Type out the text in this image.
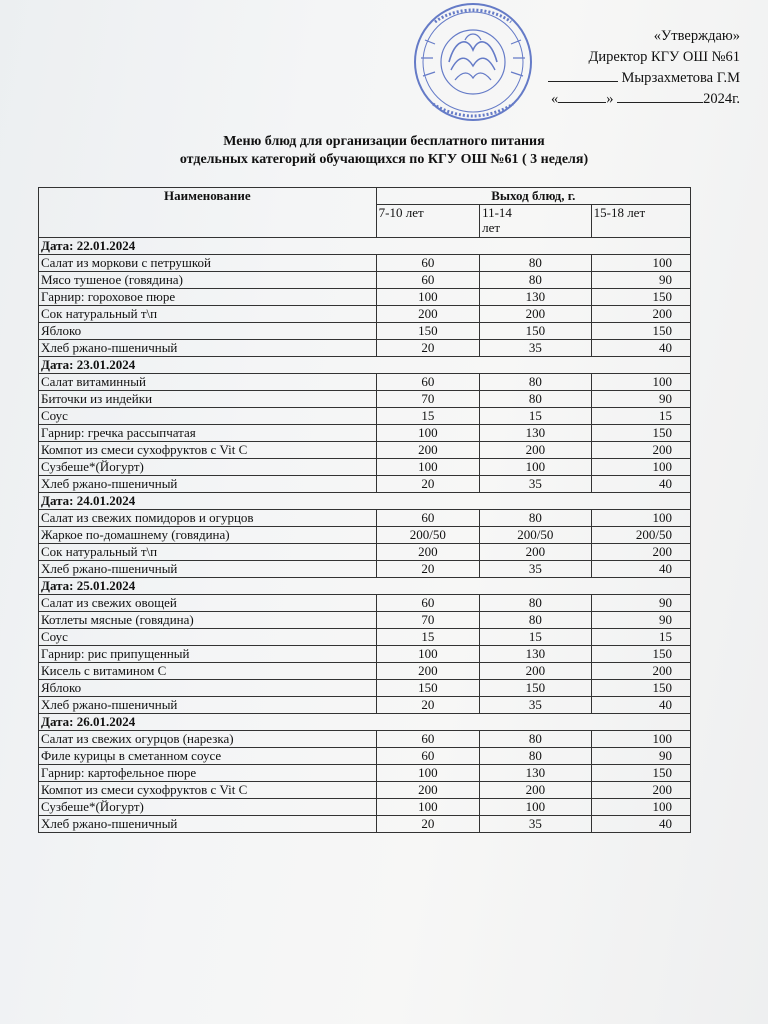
«Утверждаю»
Директор КГУ ОШ №61
Мырзахметова Г.М
«	»	2024г.
Меню блюд для организации бесплатного питания
отдельных категорий обучающихся по КГУ ОШ №61 ( 3 неделя)
Наименование	Выход блюд, г.		
	7-10 лет	11-14 лет	15-18 лет
Дата: 22.01.2024			
Салат из моркови с петрушкой	60	80	100
Мясо тушеное (говядина)	60	80	90
Гарнир: гороховое пюре	100	130	150
Сок натуральный т\п	200	200	200
Яблоко	150	150	150
Хлеб ржано-пшеничный	20	35	40
Дата: 23.01.2024			
Салат витаминный	60	80	100
Биточки из индейки	70	80	90
Соус	15	15	15
Гарнир: гречка рассыпчатая	100	130	150
Компот из смеси сухофруктов с Vit C	200	200	200
Сузбеше*(Йогурт)	100	100	100
Хлеб ржано-пшеничный	20	35	40
Дата: 24.01.2024			
Салат из свежих помидоров и огурцов	60	80	100
Жаркое по-домашнему (говядина)	200/50	200/50	200/50
Сок натуральный т\п	200	200	200
Хлеб ржано-пшеничный	20	35	40
Дата: 25.01.2024			
Салат из свежих овощей	60	80	90
Котлеты мясные (говядина)	70	80	90
Соус	15	15	15
Гарнир: рис припущенный	100	130	150
Кисель с витамином С	200	200	200
Яблоко	150	150	150
Хлеб ржано-пшеничный	20	35	40
Дата: 26.01.2024			
Салат из свежих огурцов (нарезка)	60	80	100
Филе курицы в сметанном соусе	60	80	90
Гарнир: картофельное пюре	100	130	150
Компот из смеси сухофруктов с Vit C	200	200	200
Сузбеше*(Йогурт)	100	100	100
Хлеб ржано-пшеничный	20	35	40
